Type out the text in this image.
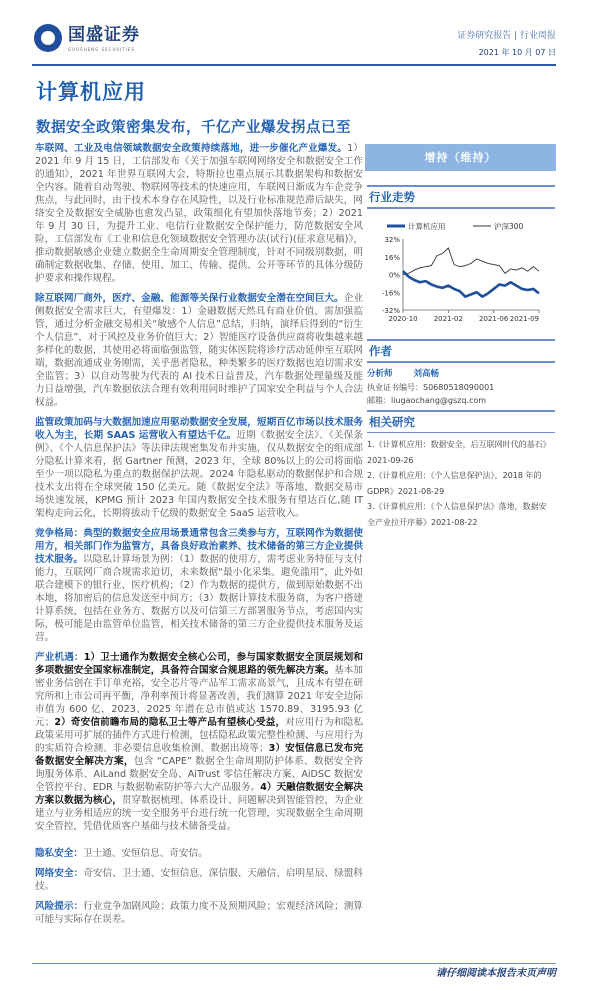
国盛证券
GUOSHENG SECURITIES
证券研究报告 | 行业周报
2021 年 10 月 07 日
计算机应用
数据安全政策密集发布，千亿产业爆发拐点已至
车联网、工业及电信领域数据安全政策持续落地，进一步催化产业爆发。1）2021 年 9 月 15 日，工信部发布《关于加强车联网网络安全和数据安全工作的通知》，2021 年世界互联网大会，特斯拉也重点展示其数据架构和数据安全内容。随着自动驾驶、物联网等技术的快速应用，车联网日渐成为车企竞争焦点，与此同时，由于技术本身存在风险性，以及行业标准规范滞后缺失，网络安全及数据安全威胁也愈发凸显，政策细化有望加快落地节奏；2）2021 年 9 月 30 日，为提升工业、电信行业数据安全保护能力，防范数据安全风险，工信部发布《工业和信息化领域数据安全管理办法(试行)(征求意见稿)》，推动数据敏感企业建立数据全生命周期安全管理制度，针对不同级别数据，明确制定数据收集、存储、使用、加工、传输、提供、公开等环节的具体分级防护要求和操作规程。
除互联网厂商外，医疗、金融、能源等关保行业数据安全潜在空间巨大。企业侧数据安全需求巨大，有望爆发：1）金融数据天然具有商业价值，需加强监管，通过分析金融交易相关“敏感个人信息”总结，归纳，演绎后得到的“衍生个人信息”，对于风控及业务价值巨大；2）智能医疗设备供应商将收集越来越多样化的数据，其使用必将面临强监管，随实体医院将诊疗活动延伸至互联网端，数据流通成业务刚需，关乎患者隐私，种类繁多的医疗数据也迫切需求安全监管；3）以自动驾驶为代表的 AI 技术日益普及，汽车数据处理量级及能力日益增强，汽车数据依法合理有效利用同时维护了国家安全利益与个人合法权益。
监管政策加码与大数据加速应用驱动数据安全发展，短期百亿市场以技术服务收入为主，长期 SAAS 运营收入有望达千亿。近期《数据安全法》、《关保条例》、《个人信息保护法》等法律法规密集发布并实施，仅从数据安全的组成部分隐私计算来看，据 Gartner 预测，2023 年，全球 80%以上的公司将面临至少一项以隐私为重点的数据保护法规。2024 年隐私驱动的数据保护和合规技术支出将在全球突破 150 亿美元。随《数据安全法》等落地，数据交易市场快速发展，KPMG 预计 2023 年国内数据安全技术服务有望达百亿,随 IT 架构走向云化，长期将拔动千亿级的数据安全 SaaS 运营收入。
竞争格局：典型的数据安全应用场景通常包含三类参与方，互联网作为数据使用方，相关部门作为监管方，具备良好政治素养、技术储备的第三方企业提供技术服务。以隐私计算场景为例：（1）数据的使用方，需考虑业务特征与支付能力，互联网厂商合规需求迫切，未来数据“最小化采集、避免滥用”，此外如联合建模下的银行业、医疗机构；（2）作为数据的提供方，做到原始数据不出本地，将加密后的信息发送至中间方；（3）数据计算技术服务商，为客户搭建计算系统，包括在业务方、数据方以及可信第三方部署服务节点，考虑国内实际，极可能是由监管单位监管，相关技术储备的第三方企业提供技术服务及运营。
产业机遇：1）卫士通作为数据安全核心公司，参与国家数据安全顶层规划和多项数据安全国家标准制定，具备符合国家合规思路的领先解决方案。基本加密业务信创在手订单充裕，安全芯片等产品军工需求高景气，且成本有望在研究所和上市公司再平衡，净利率预计将显著改善，我们测算 2021 年安全边际市值为 600 亿，2023、2025 年潜在总市值或达 1570.89、3195.93 亿元；2）奇安信前瞻布局的隐私卫士等产品有望核心受益，对应用行为和隐私政策采用可扩展的插件方式进行检测，包括隐私政策完整性检测、与应用行为的实质符合检测、非必要信息收集检测、数据出境等；3）安恒信息已发布完备数据安全解决方案，包含 “CAPE” 数据全生命周期防护体系、数据安全咨询服务体系、AiLand 数据安全岛、AiTrust 零信任解决方案、AiDSC 数据安全管控平台、EDR 与数据勒索防护等六大产品服务。4）天融信数据安全解决方案以数据为核心，贯穿数据梳理、体系设计、问题解决到智能管控，为企业建立与业务相适应的统一安全服务平台进行统一化管理，实现数据全生命周期安全管控，凭借优质客户基础与技术储备受益。
隐私安全：卫士通、安恒信息、奇安信。
网络安全：奇安信、卫士通、安恒信息、深信服、天融信、启明星辰、绿盟科技。
风险提示：行业竞争加剧风险；政策力度不及预期风险；宏观经济风险；测算可能与实际存在误差。
增持（维持）
行业走势
计算机应用	沪深300
32%
16%
0%
-16%
-32%
2020-10 2021-02 2021-06 2021-09
作者
分析师 刘高畅
执业证书编号：S0680518090001
邮箱：liugaochang@gszq.com
相关研究
1.《计算机应用：数据安全，后互联网时代的基石》2021-09-26
2.《计算机应用：《个人信息保护法》，2018 年的 GDPR》2021-08-29
3.《计算机应用：《个人信息保护法》落地，数据安全产业拉开序幕》2021-08-22
请仔细阅读本报告末页声明
